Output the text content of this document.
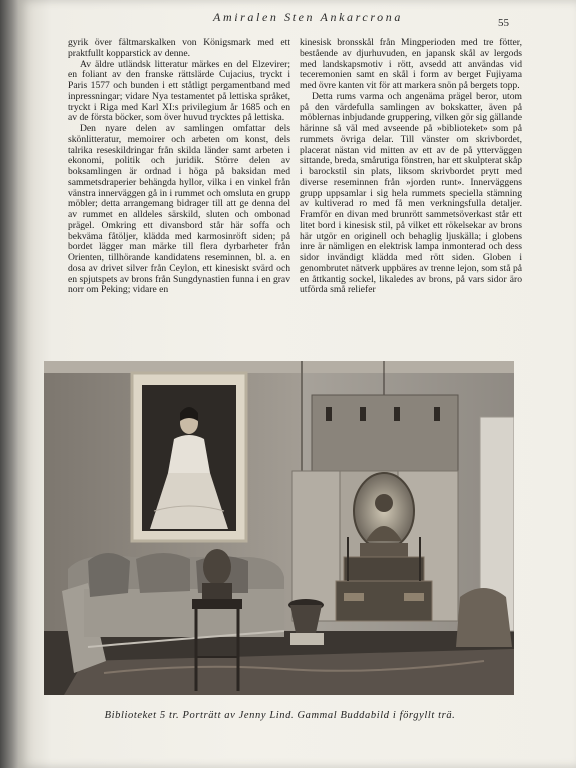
Amiralen Sten Ankarcrona	55

gyrik över fältmarskalken von Königsmark med ett praktfullt kopparstick av denne.

Av äldre utländsk litteratur märkes en del Elzevirer; en foliant av den franske rättslärde Cujacius, tryckt i Paris 1577 och bunden i ett ståtligt pergamentband med inpressningar; vidare Nya testamentet på lettiska språket, tryckt i Riga med Karl XI:s privilegium år 1685 och en av de första böcker, som över huvud trycktes på lettiska.

Den nyare delen av samlingen omfattar dels skönlitteratur, memoirer och arbeten om konst, dels talrika reseskildringar från skilda länder samt arbeten i ekonomi, politik och juridik. Större delen av boksamlingen är ordnad i höga på baksidan med sammetsdraperier behängda hyllor, vilka i en vinkel från vänstra innerväggen gå in i rummet och omsluta en grupp möbler; detta arrangemang bidrager till att ge denna del av rummet en alldeles särskild, sluten och ombonad prägel. Omkring ett divansbord står här soffa och bekväma fåtöljer, klädda med karmosinröft siden; på bordet lägger man märke till flera dyrbarheter från Orienten, tillhörande kandidatens reseminnen, bl. a. en dosa av drivet silver från Ceylon, ett kinesiskt svärd och en spjutspets av brons från Sungdynastien funna i en grav norr om Peking; vidare en

kinesisk bronsskål från Mingperioden med tre fötter, bestående av djurhuvuden, en japansk skål av lergods med landskapsmotiv i rött, avsedd att användas vid teceremonien samt en skål i form av berget Fujiyama med övre kanten vit för att markera snön på bergets topp.

Detta rums varma och angenäma prägel beror, utom på den värdefulla samlingen av bokskatter, även på möblernas inbjudande gruppering, vilken gör sig gällande härinne så väl med avseende på »biblioteket» som på rummets övriga delar. Till vänster om skrivbordet, placerat nästan vid mitten av ett av de på ytterväggen sittande, breda, smårutiga fönstren, har ett skulpterat skåp i barockstil sin plats, liksom skrivbordet prytt med diverse reseminnen från »jorden runt». Innerväggens grupp uppsamlar i sig hela rummets speciella stämning av kultiverad ro med få men verkningsfulla detaljer. Framför en divan med brunrött sammetsöverkast står ett litet bord i kinesisk stil, på vilket ett rökelsekar av brons här utgör en originell och behaglig ljuskälla; i globens inre är nämligen en elektrisk lampa inmonterad och dess sidor invändigt klädda med rött siden. Globen i genombrutet nätverk uppbäres av trenne lejon, som stå på en åttkantig sockel, likaledes av brons, på vars sidor äro utförda små reliefer

Biblioteket 5 tr. Porträtt av Jenny Lind. Gammal Buddabild i förgyllt trä.
